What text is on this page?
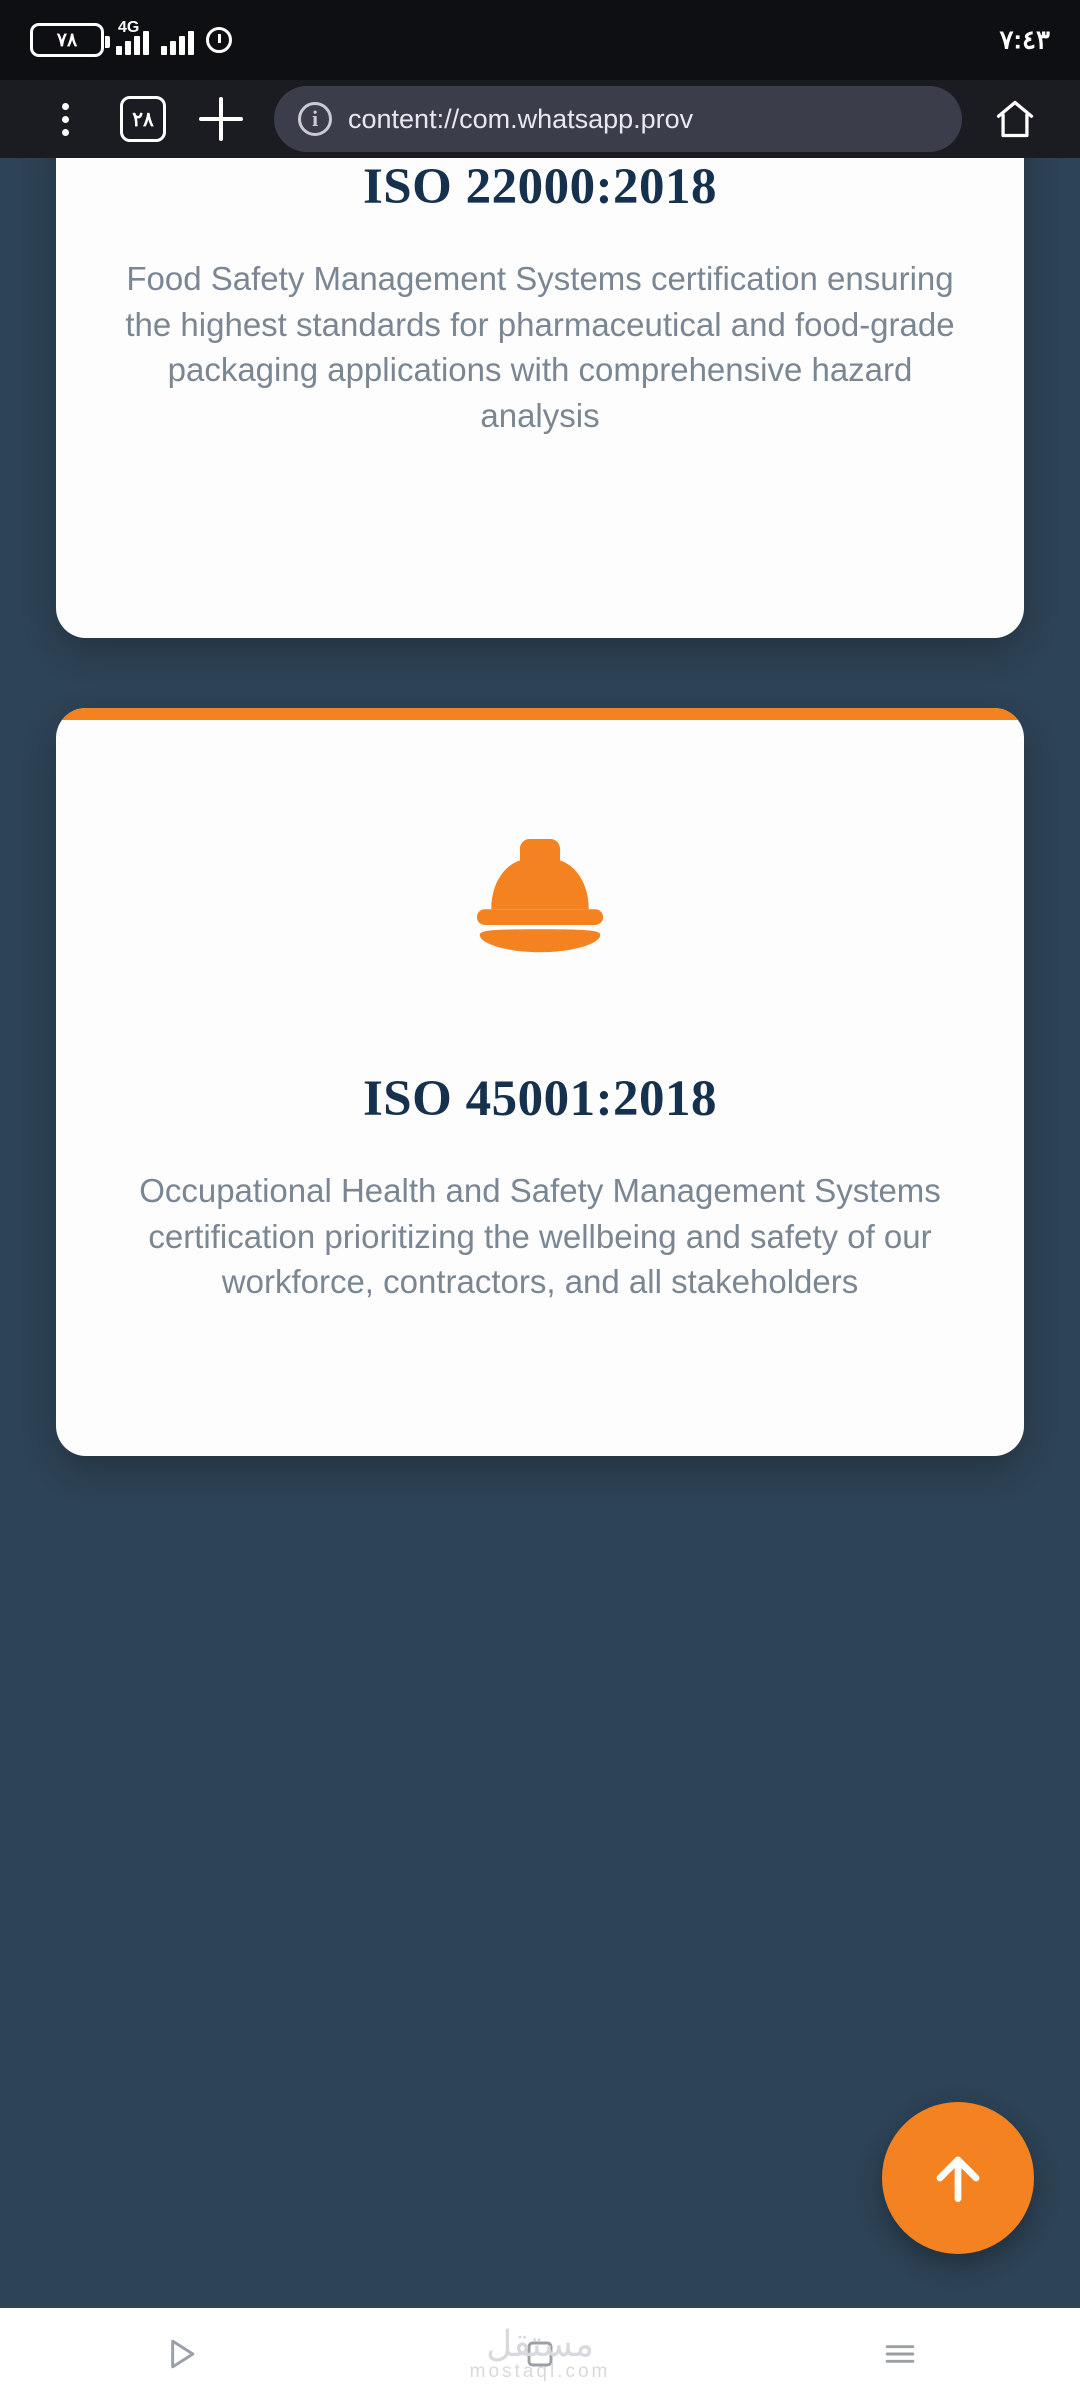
٧٨
4G	٧:٤٣
٢٨	i	content://com.whatsapp.prov
ISO 22000:2018
Food Safety Management Systems certification ensuring the highest standards for pharmaceutical and food-grade packaging applications with comprehensive hazard analysis
ISO 45001:2018
Occupational Health and Safety Management Systems certification prioritizing the wellbeing and safety of our workforce, contractors, and all stakeholders
مستقل
mostaql.com
